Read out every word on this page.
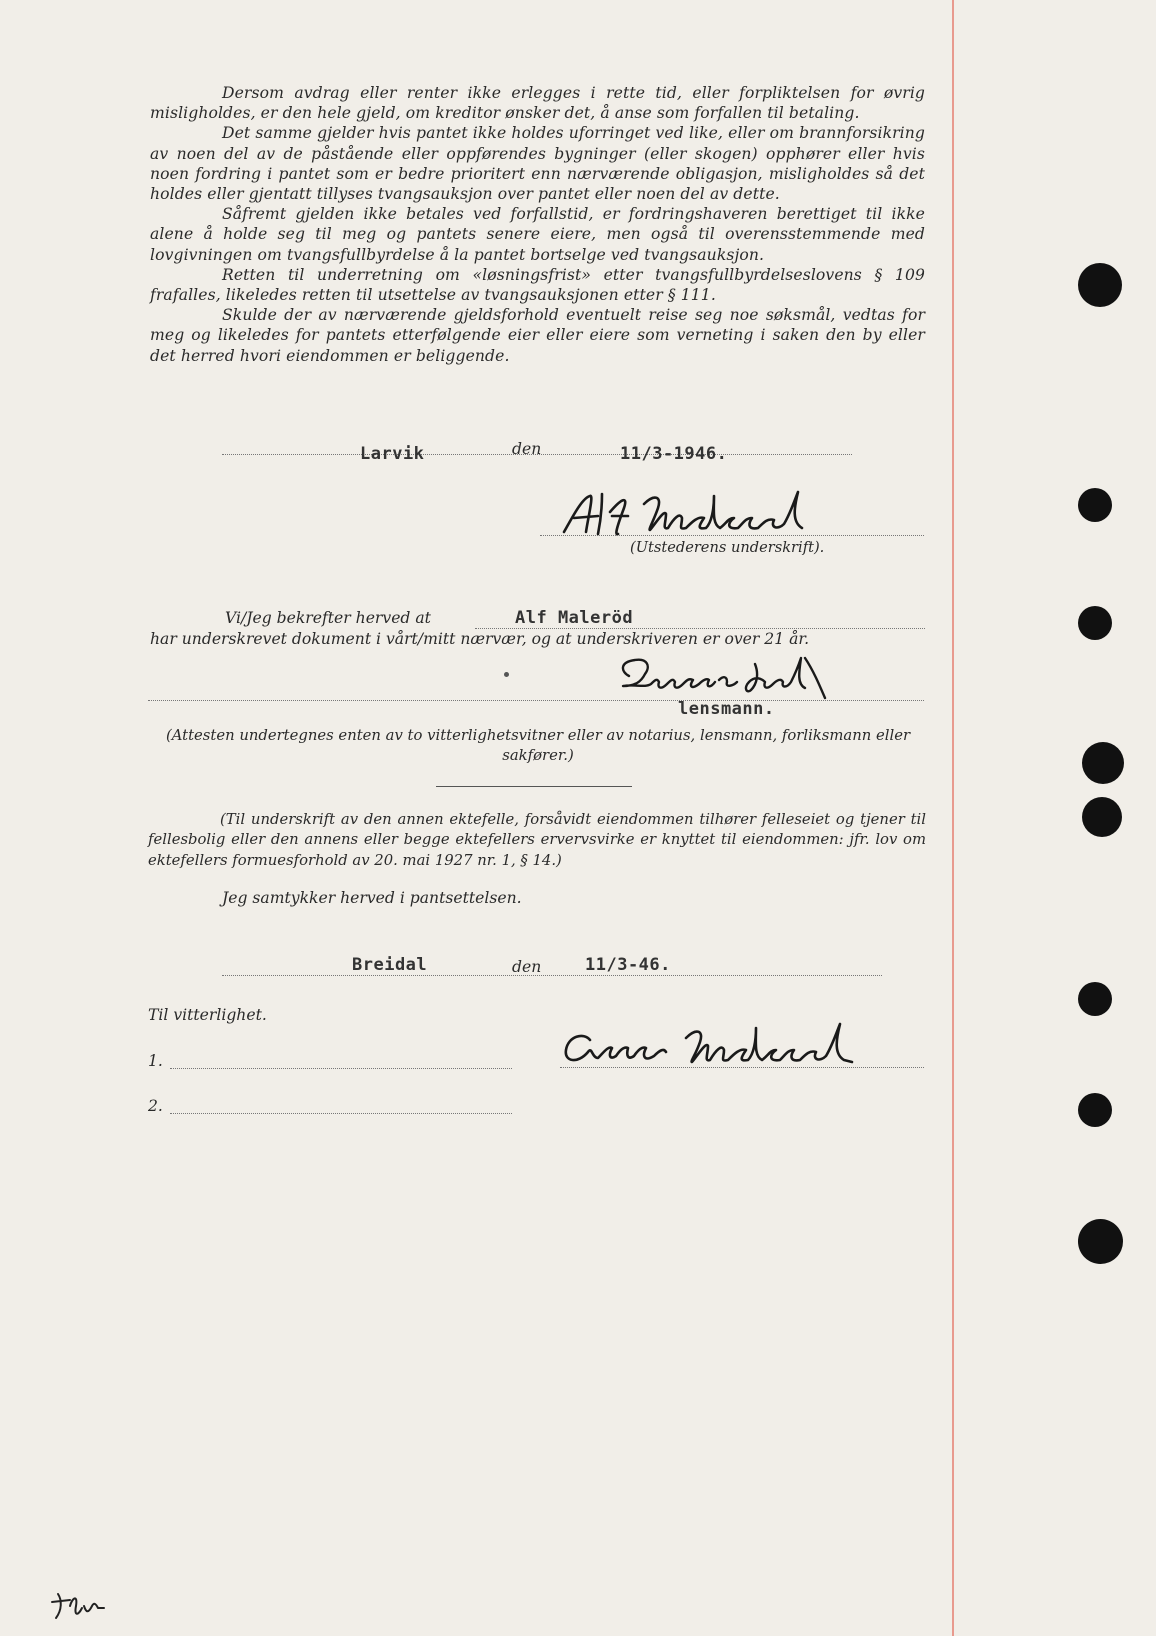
Dersom avdrag eller renter ikke erlegges i rette tid, eller forpliktelsen for øvrig misligholdes, er den hele gjeld, om kreditor ønsker det, å anse som forfallen til betaling.

Det samme gjelder hvis pantet ikke holdes uforringet ved like, eller om brannforsikring av noen del av de påstående eller oppførendes bygninger (eller skogen) opphører eller hvis noen fordring i pantet som er bedre prioritert enn nærværende obligasjon, misligholdes så det holdes eller gjentatt tillyses tvangsauksjon over pantet eller noen del av dette.

Såfremt gjelden ikke betales ved forfallstid, er fordringshaveren berettiget til ikke alene å holde seg til meg og pantets senere eiere, men også til overensstemmende med lovgivningen om tvangsfullbyrdelse å la pantet bortselge ved tvangsauksjon.

Retten til underretning om «løsningsfrist» etter tvangsfullbyrdelseslovens § 109 frafalles, likeledes retten til utsettelse av tvangsauksjonen etter § 111.

Skulde der av nærværende gjeldsforhold eventuelt reise seg noe søksmål, vedtas for meg og likeledes for pantets etterfølgende eier eller eiere som verneting i saken den by eller det herred hvori eiendommen er beliggende.

Larvik	den	11/3-1946.
(Utstederens underskrift).
Vi/Jeg bekrefter herved at	Alf Maleröd
har underskrevet dokument i vårt/mitt nærvær, og at underskriveren er over 21 år.
lensmann.
(Attesten undertegnes enten av to vitterlighetsvitner eller av notarius, lensmann, forliksmann eller sakfører.)

(Til underskrift av den annen ektefelle, forsåvidt eiendommen tilhører felleseiet og tjener til fellesbolig eller den annens eller begge ektefellers ervervsvirke er knyttet til eiendommen: jfr. lov om ektefellers formuesforhold av 20. mai 1927 nr. 1, § 14.)

Jeg samtykker herved i pantsettelsen.
Breidal	den	11/3-46.
Til vitterlighet.
1.
2.
